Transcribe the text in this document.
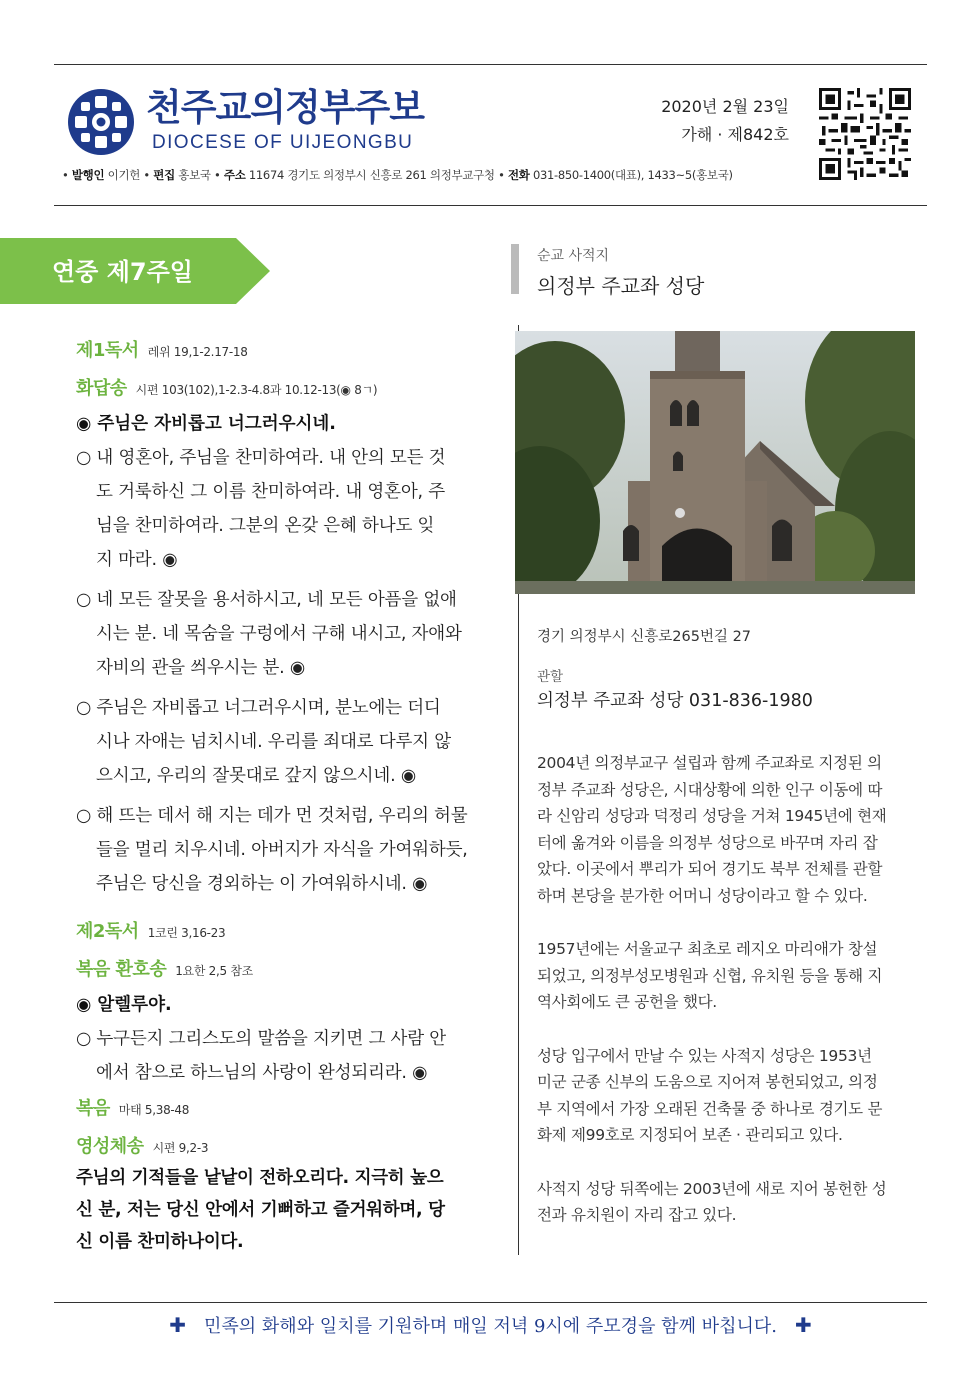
천주교의정부주보
DIOCESE OF UIJEONGBU
2020년 2월 23일
가해 · 제842호
• 발행인 이기헌 • 편집 홍보국 • 주소 11674 경기도 의정부시 신흥로 261 의정부교구청 • 전화 031-850-1400(대표), 1433~5(홍보국)
연중 제7주일
제1독서 레위 19,1-2.17-18
화답송 시편 103(102),1-2.3-4.8과 10.12-13(◉ 8ㄱ)
◉ 주님은 자비롭고 너그러우시네.
○ 내 영혼아, 주님을 찬미하여라. 내 안의 모든 것
도 거룩하신 그 이름 찬미하여라. 내 영혼아, 주
님을 찬미하여라. 그분의 온갖 은혜 하나도 잊
지 마라. ◉
○ 네 모든 잘못을 용서하시고, 네 모든 아픔을 없애
시는 분. 네 목숨을 구렁에서 구해 내시고, 자애와
자비의 관을 씌우시는 분. ◉
○ 주님은 자비롭고 너그러우시며, 분노에는 더디
시나 자애는 넘치시네. 우리를 죄대로 다루지 않
으시고, 우리의 잘못대로 갚지 않으시네. ◉
○ 해 뜨는 데서 해 지는 데가 먼 것처럼, 우리의 허물
들을 멀리 치우시네. 아버지가 자식을 가여워하듯,
주님은 당신을 경외하는 이 가여워하시네. ◉
제2독서 1코린 3,16-23
복음 환호송 1요한 2,5 참조
◉ 알렐루야.
○ 누구든지 그리스도의 말씀을 지키면 그 사람 안
에서 참으로 하느님의 사랑이 완성되리라. ◉
복음 마태 5,38-48
영성체송 시편 9,2-3
주님의 기적들을 낱낱이 전하오리다. 지극히 높으
신 분, 저는 당신 안에서 기뻐하고 즐거워하며, 당
신 이름 찬미하나이다.
순교 사적지
의정부 주교좌 성당
경기 의정부시 신흥로265번길 27
관할
의정부 주교좌 성당 031-836-1980

2004년 의정부교구 설립과 함께 주교좌로 지정된 의
정부 주교좌 성당은, 시대상황에 의한 인구 이동에 따
라 신암리 성당과 덕정리 성당을 거쳐 1945년에 현재
터에 옮겨와 이름을 의정부 성당으로 바꾸며 자리 잡
았다. 이곳에서 뿌리가 되어 경기도 북부 전체를 관할
하며 본당을 분가한 어머니 성당이라고 할 수 있다.

1957년에는 서울교구 최초로 레지오 마리애가 창설
되었고, 의정부성모병원과 신협, 유치원 등을 통해 지
역사회에도 큰 공헌을 했다.

성당 입구에서 만날 수 있는 사적지 성당은 1953년
미군 군종 신부의 도움으로 지어져 봉헌되었고, 의정
부 지역에서 가장 오래된 건축물 중 하나로 경기도 문
화제 제99호로 지정되어 보존 · 관리되고 있다.

사적지 성당 뒤쪽에는 2003년에 새로 지어 봉헌한 성
전과 유치원이 자리 잡고 있다.

✚ 민족의 화해와 일치를 기원하며 매일 저녁 9시에 주모경을 함께 바칩니다. ✚
